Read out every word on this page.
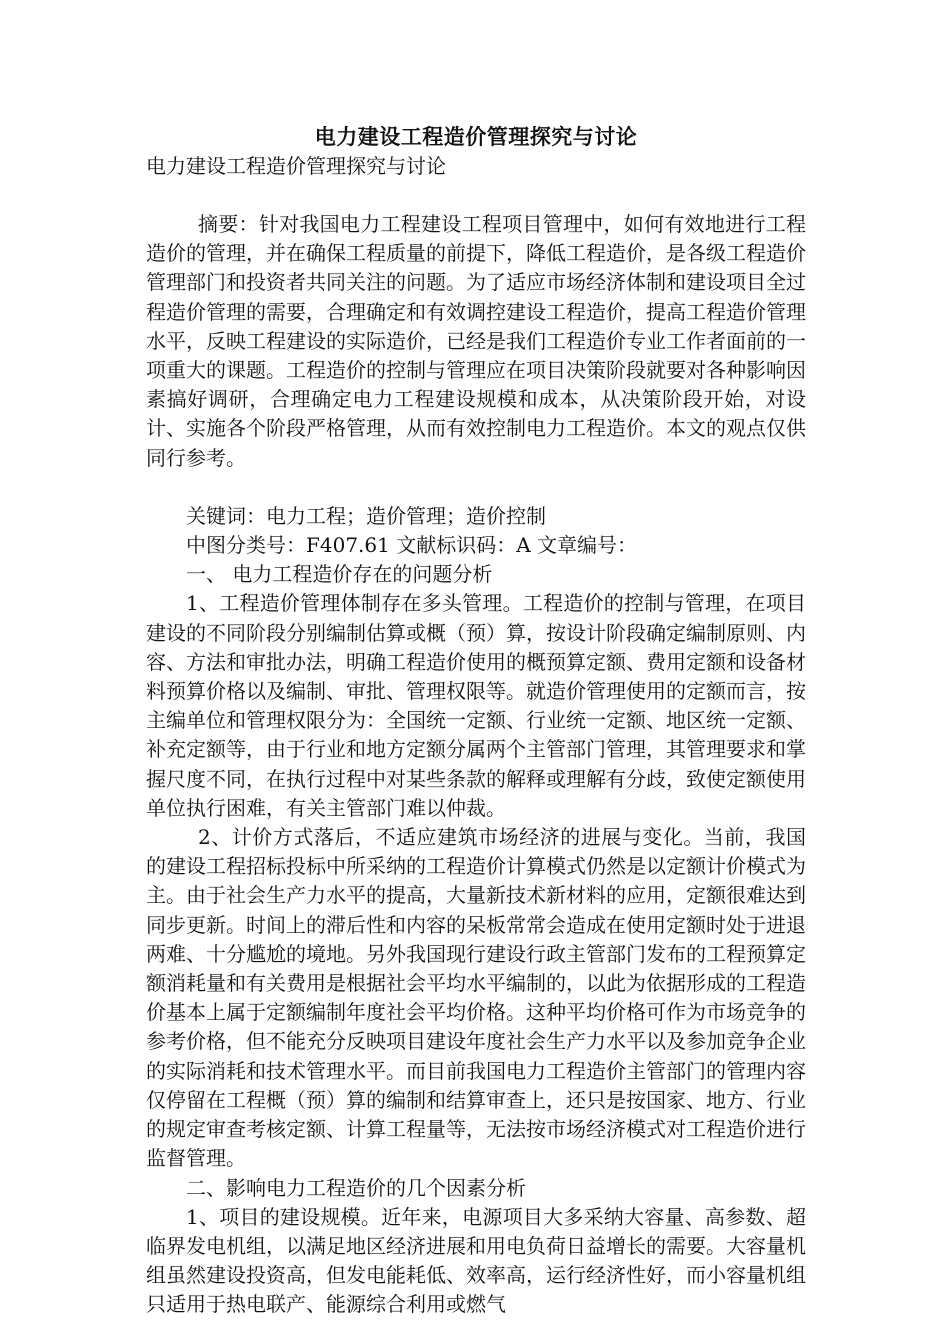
电力建设工程造价管理探究与讨论
电力建设工程造价管理探究与讨论

摘要：针对我国电力工程建设工程项目管理中，如何有效地进行工程造价的管理，并在确保工程质量的前提下，降低工程造价，是各级工程造价管理部门和投资者共同关注的问题。为了适应市场经济体制和建设项目全过程造价管理的需要，合理确定和有效调控建设工程造价，提高工程造价管理水平，反映工程建设的实际造价，已经是我们工程造价专业工作者面前的一项重大的课题。工程造价的控制与管理应在项目决策阶段就要对各种影响因素搞好调研，合理确定电力工程建设规模和成本，从决策阶段开始，对设计、实施各个阶段严格管理，从而有效控制电力工程造价。本文的观点仅供同行参考。

关键词：电力工程；造价管理；造价控制

中图分类号：F407.61 文献标识码：A 文章编号：

一、 电力工程造价存在的问题分析

1、工程造价管理体制存在多头管理。工程造价的控制与管理，在项目建设的不同阶段分别编制估算或概（预）算，按设计阶段确定编制原则、内容、方法和审批办法，明确工程造价使用的概预算定额、费用定额和设备材料预算价格以及编制、审批、管理权限等。就造价管理使用的定额而言，按主编单位和管理权限分为：全国统一定额、行业统一定额、地区统一定额、补充定额等，由于行业和地方定额分属两个主管部门管理，其管理要求和掌握尺度不同，在执行过程中对某些条款的解释或理解有分歧，致使定额使用单位执行困难，有关主管部门难以仲裁。

2、计价方式落后，不适应建筑市场经济的进展与变化。当前，我国的建设工程招标投标中所采纳的工程造价计算模式仍然是以定额计价模式为主。由于社会生产力水平的提高，大量新技术新材料的应用，定额很难达到同步更新。时间上的滞后性和内容的呆板常常会造成在使用定额时处于进退两难、十分尴尬的境地。另外我国现行建设行政主管部门发布的工程预算定额消耗量和有关费用是根据社会平均水平编制的，以此为依据形成的工程造价基本上属于定额编制年度社会平均价格。这种平均价格可作为市场竞争的参考价格，但不能充分反映项目建设年度社会生产力水平以及参加竞争企业的实际消耗和技术管理水平。而目前我国电力工程造价主管部门的管理内容仅停留在工程概（预）算的编制和结算审查上，还只是按国家、地方、行业的规定审查考核定额、计算工程量等，无法按市场经济模式对工程造价进行监督管理。

二、影响电力工程造价的几个因素分析

1、项目的建设规模。近年来，电源项目大多采纳大容量、高参数、超临界发电机组，以满足地区经济进展和用电负荷日益增长的需要。大容量机组虽然建设投资高，但发电能耗低、效率高，运行经济性好，而小容量机组只适用于热电联产、能源综合利用或燃气
